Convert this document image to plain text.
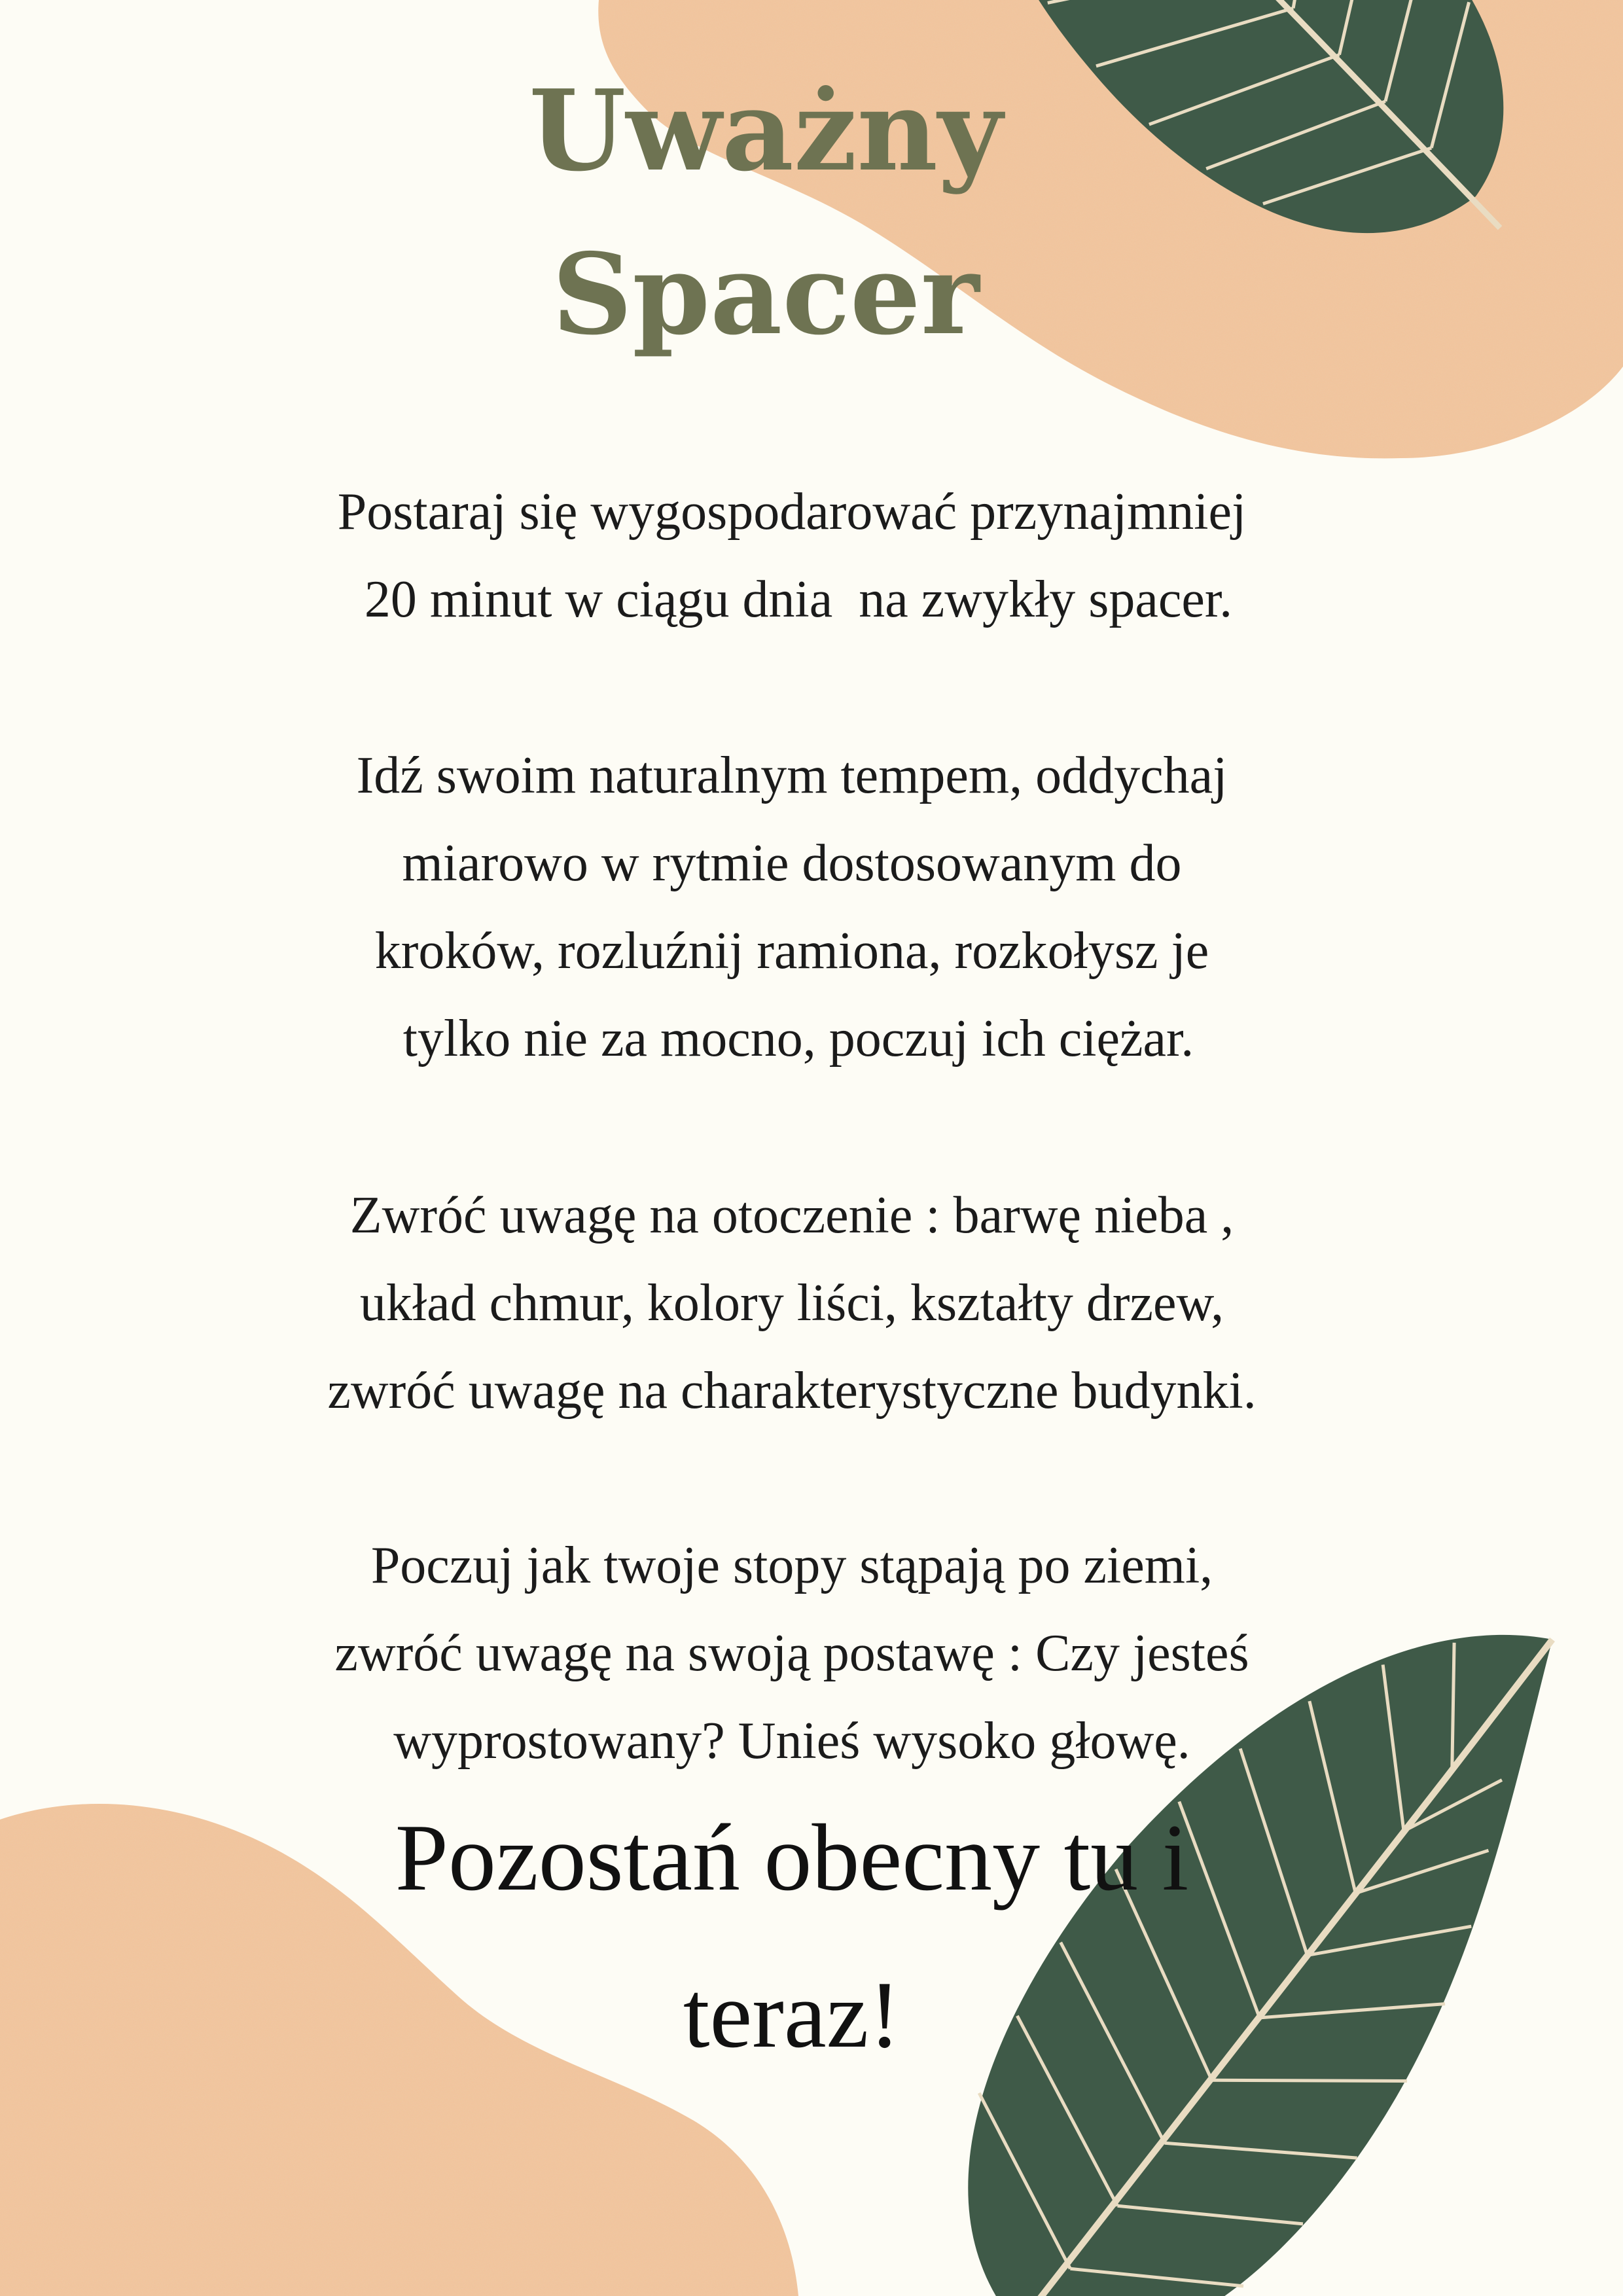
Uważny
Spacer

Postaraj się wygospodarować przynajmniej
20 minut w ciągu dnia  na zwykły spacer.

Idź swoim naturalnym tempem, oddychaj
miarowo w rytmie dostosowanym do
kroków, rozluźnij ramiona, rozkołysz je
tylko nie za mocno, poczuj ich ciężar.

Zwróć uwagę na otoczenie : barwę nieba ,
układ chmur, kolory liści, kształty drzew,
zwróć uwagę na charakterystyczne budynki.

Poczuj jak twoje stopy stąpają po ziemi,
zwróć uwagę na swoją postawę : Czy jesteś
wyprostowany? Unieś wysoko głowę.

Pozostań obecny tu i

teraz!
